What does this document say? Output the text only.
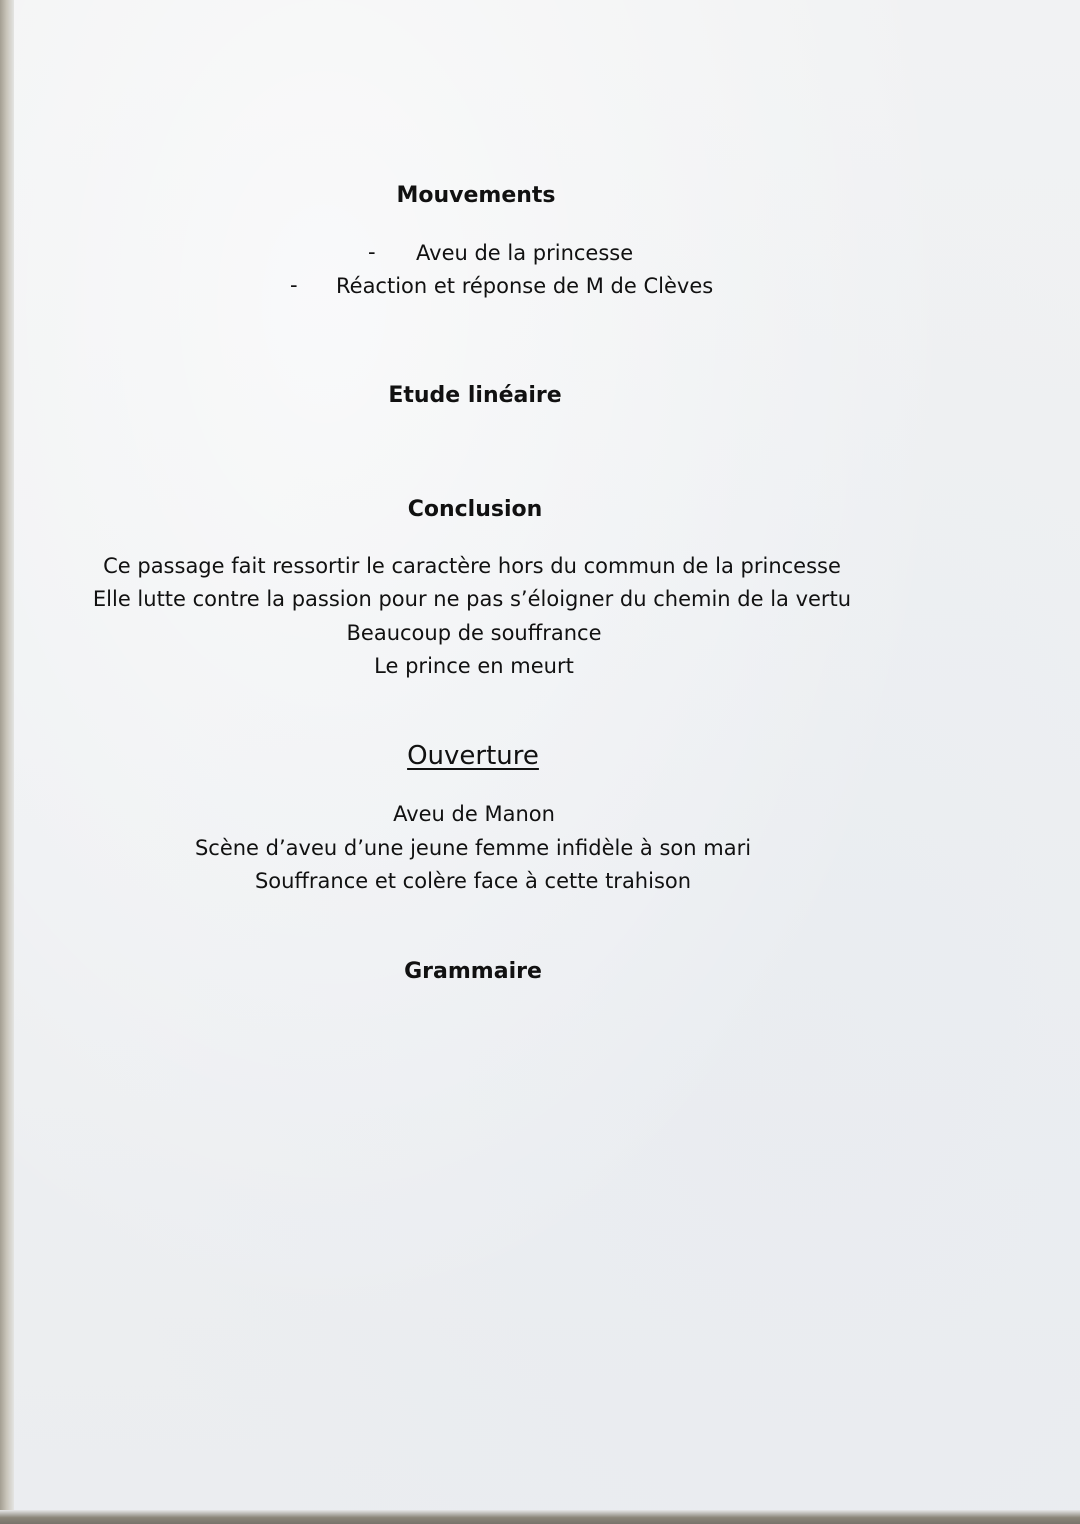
Mouvements
- Aveu de la princesse
- Réaction et réponse de M de Clèves
Etude linéaire
Conclusion
Ce passage fait ressortir le caractère hors du commun de la princesse
Elle lutte contre la passion pour ne pas s’éloigner du chemin de la vertu
Beaucoup de souffrance
Le prince en meurt
Ouverture
Aveu de Manon
Scène d’aveu d’une jeune femme infidèle à son mari
Souffrance et colère face à cette trahison
Grammaire
